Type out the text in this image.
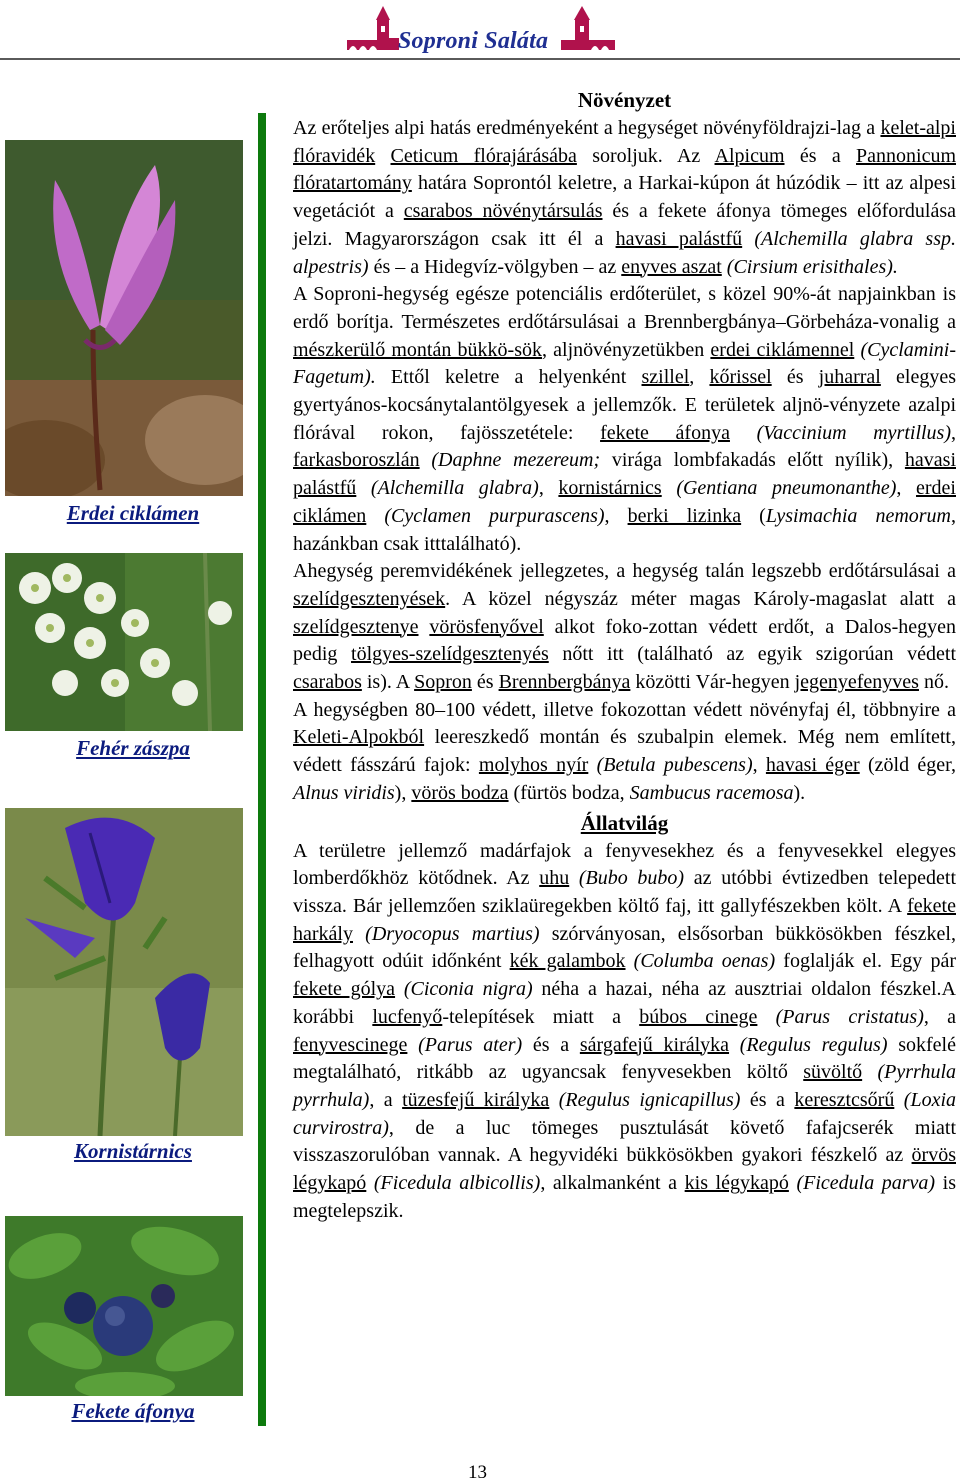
Soproni Saláta
Erdei ciklámen
Fehér zászpa
Kornistárnics
Fekete áfonya
Növényzet

Az erőteljes alpi hatás eredményeként a hegységet növényföldrajzi-lag a kelet-alpi flóravidék Ceticum flórajárásába soroljuk. Az Alpicum és a Pannonicum flóratartomány határa Soprontól keletre, a Harkai-kúpon át húzódik – itt az alpesi vegetációt a csarabos növénytársulás és a fekete áfonya tömeges előfordulása jelzi. Magyarországon csak itt él a havasi palástfű (Alchemilla glabra ssp. alpestris) és – a Hidegvíz-völgyben – az enyves aszat (Cirsium erisithales).

A Soproni-hegység egésze potenciális erdőterület, s közel 90%-át napjainkban is erdő borítja. Természetes erdőtársulásai a Brennbergbánya–Görbeháza-vonalig a mészkerülő montán bükkö-sök, aljnövényzetükben erdei ciklámennel (Cyclamini-Fagetum). Ettől keletre a helyenként szillel, kőrissel és juharral elegyes gyertyános-kocsánytalantölgyesek a jellemzők. E területek aljnö-vényzete azalpi flórával rokon, fajösszetétele: fekete áfonya (Vaccinium myrtillus), farkasboroszlán (Daphne mezereum; virága lombfakadás előtt nyílik), havasi palástfű (Alchemilla glabra), kornistárnics (Gentiana pneumonanthe), erdei ciklámen (Cyclamen purpurascens), berki lizinka (Lysimachia nemorum, hazánkban csak itttalálható).

Ahegység peremvidékének jellegzetes, a hegység talán legszebb erdőtársulásai a szelídgesztenyések. A közel négyszáz méter magas Károly-magaslat alatt a szelídgesztenye vörösfenyővel alkot foko-zottan védett erdőt, a Dalos-hegyen pedig tölgyes-szelídgesztenyés nőtt itt (található az egyik szigorúan védett csarabos is). A Sopron és Brennbergbánya közötti Vár-hegyen jegenyefenyves nő.

A hegységben 80–100 védett, illetve fokozottan védett növényfaj él, többnyire a Keleti-Alpokból leereszkedő montán és szubalpin elemek. Még nem említett, védett fásszárú fajok: molyhos nyír (Betula pubescens), havasi éger (zöld éger, Alnus viridis), vörös bodza (fürtös bodza, Sambucus racemosa).

Állatvilág

A területre jellemző madárfajok a fenyvesekhez és a fenyvesekkel elegyes lomberdőkhöz kötődnek. Az uhu (Bubo bubo) az utóbbi évtizedben telepedett vissza. Bár jellemzően sziklaüregekben költő faj, itt gallyfészekben költ. A fekete harkály (Dryocopus martius) szórványosan, elsősorban bükkösökben fészkel, felhagyott odúit időnként kék galambok (Columba oenas) foglalják el. Egy pár fekete gólya (Ciconia nigra) néha a hazai, néha az ausztriai oldalon fészkel.A korábbi lucfenyő-telepítések miatt a búbos cinege (Parus cristatus), a fenyvescinege (Parus ater) és a sárgafejű királyka (Regulus regulus) sokfelé megtalálható, ritkább az ugyancsak fenyvesekben költő süvöltő (Pyrrhula pyrrhula), a tüzesfejű királyka (Regulus ignicapillus) és a keresztcsőrű (Loxia curvirostra), de a luc tömeges pusztulását követő fafajcserék miatt visszaszorulóban vannak. A hegyvidéki bükkösökben gyakori fészkelő az örvös légykapó (Ficedula albicollis), alkalmanként a kis légykapó (Ficedula parva) is megtelepszik.

13
